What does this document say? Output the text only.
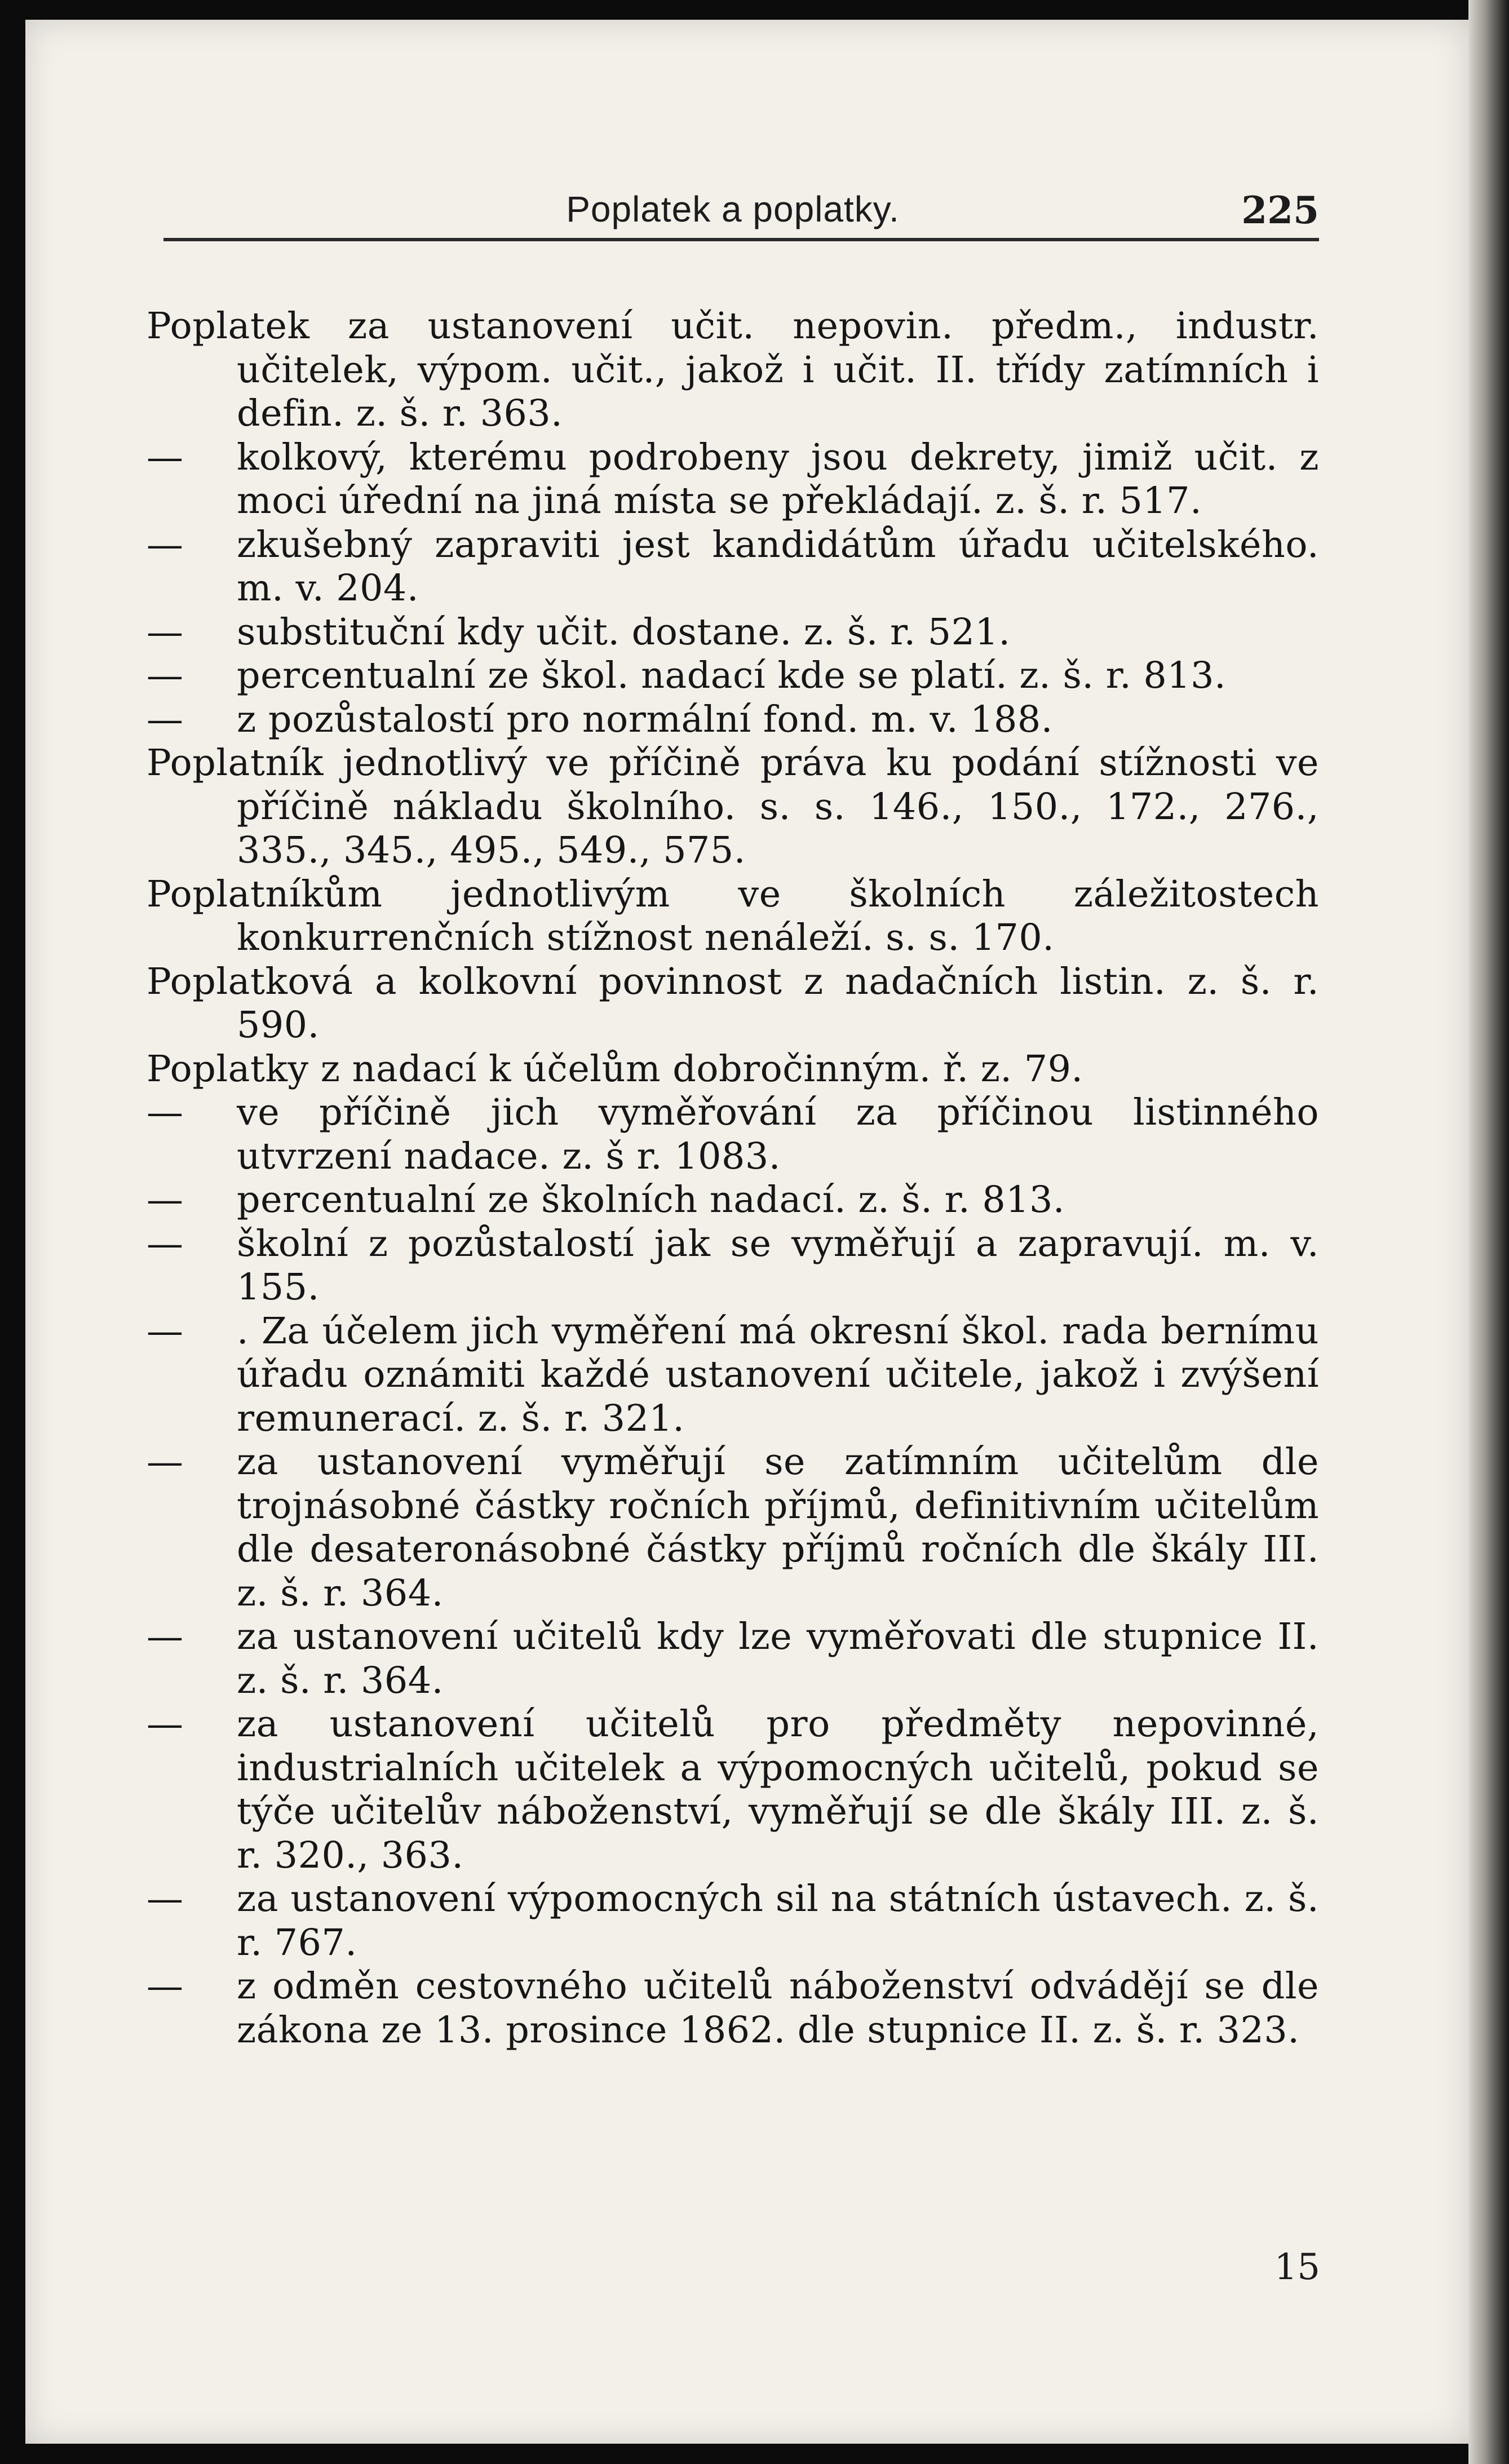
Poplatek a poplatky.	225

Poplatek za ustanovení učit. nepovin. předm., industr. učitelek, výpom. učit., jakož i učit. II. třídy zatímních i defin. z. š. r. 363.

— kolkový, kterému podrobeny jsou dekrety, jimiž učit. z moci úřední na jiná místa se překládají. z. š. r. 517.

— zkušebný zapraviti jest kandidátům úřadu učitelského. m. v. 204.

— substituční kdy učit. dostane. z. š. r. 521.

— percentualní ze škol. nadací kde se platí. z. š. r. 813.

— z pozůstalostí pro normální fond. m. v. 188.

Poplatník jednotlivý ve příčině práva ku podání stížnosti ve příčině nákladu školního. s. s. 146., 150., 172., 276., 335., 345., 495., 549., 575.

Poplatníkům jednotlivým ve školních záležitostech konkurrenčních stížnost nenáleží. s. s. 170.

Poplatková a kolkovní povinnost z nadačních listin. z. š. r. 590.

Poplatky z nadací k účelům dobročinným. ř. z. 79.

— ve příčině jich vyměřování za příčinou listinného utvrzení nadace. z. š r. 1083.

— percentualní ze školních nadací. z. š. r. 813.

— školní z pozůstalostí jak se vyměřují a zapravují. m. v. 155.

— . Za účelem jich vyměření má okresní škol. rada bernímu úřadu oznámiti každé ustanovení učitele, jakož i zvýšení remunerací. z. š. r. 321.

— za ustanovení vyměřují se zatímním učitelům dle trojnásobné částky ročních příjmů, definitivním učitelům dle desateronásobné částky příjmů ročních dle škály III. z. š. r. 364.

— za ustanovení učitelů kdy lze vyměřovati dle stupnice II. z. š. r. 364.

— za ustanovení učitelů pro předměty nepovinné, industrialních učitelek a výpomocných učitelů, pokud se týče učitelův náboženství, vyměřují se dle škály III. z. š. r. 320., 363.

— za ustanovení výpomocných sil na státních ústavech. z. š. r. 767.

— z odměn cestovného učitelů náboženství odvádějí se dle zákona ze 13. prosince 1862. dle stupnice II. z. š. r. 323.

15
